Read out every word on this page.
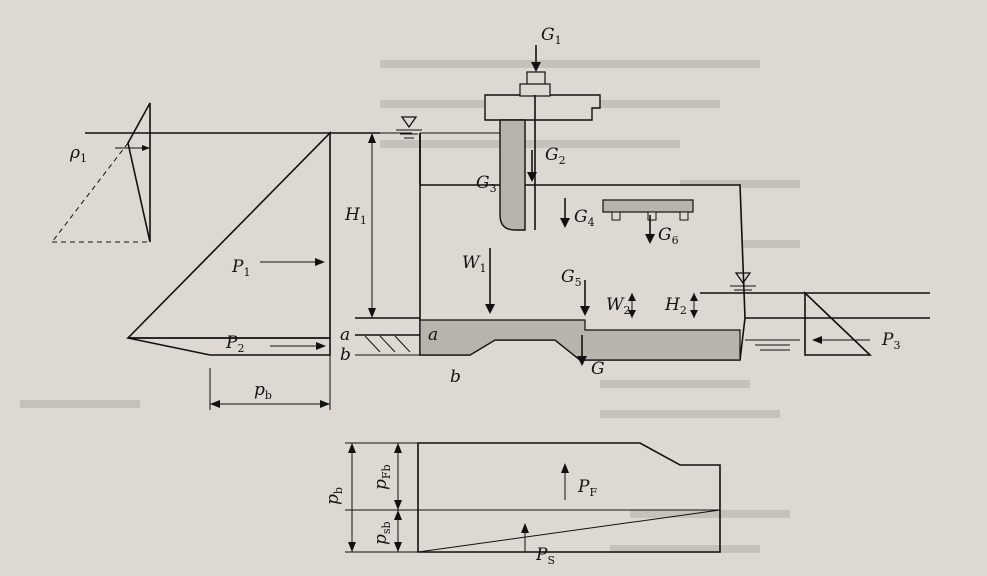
$G_1$
$G_2$
$G_3$
$G_4$
$G_5$
$G_6$
G
$W_1$
$W_2$
$H_1$
$H_2$
$\rho_1$
$P_1$
$P_2$	$P_3$
$p_b$
$p_b$
$p_{Fb}$
$p_{sb}$
$P_F$
$P_S$
a
b
a
b
